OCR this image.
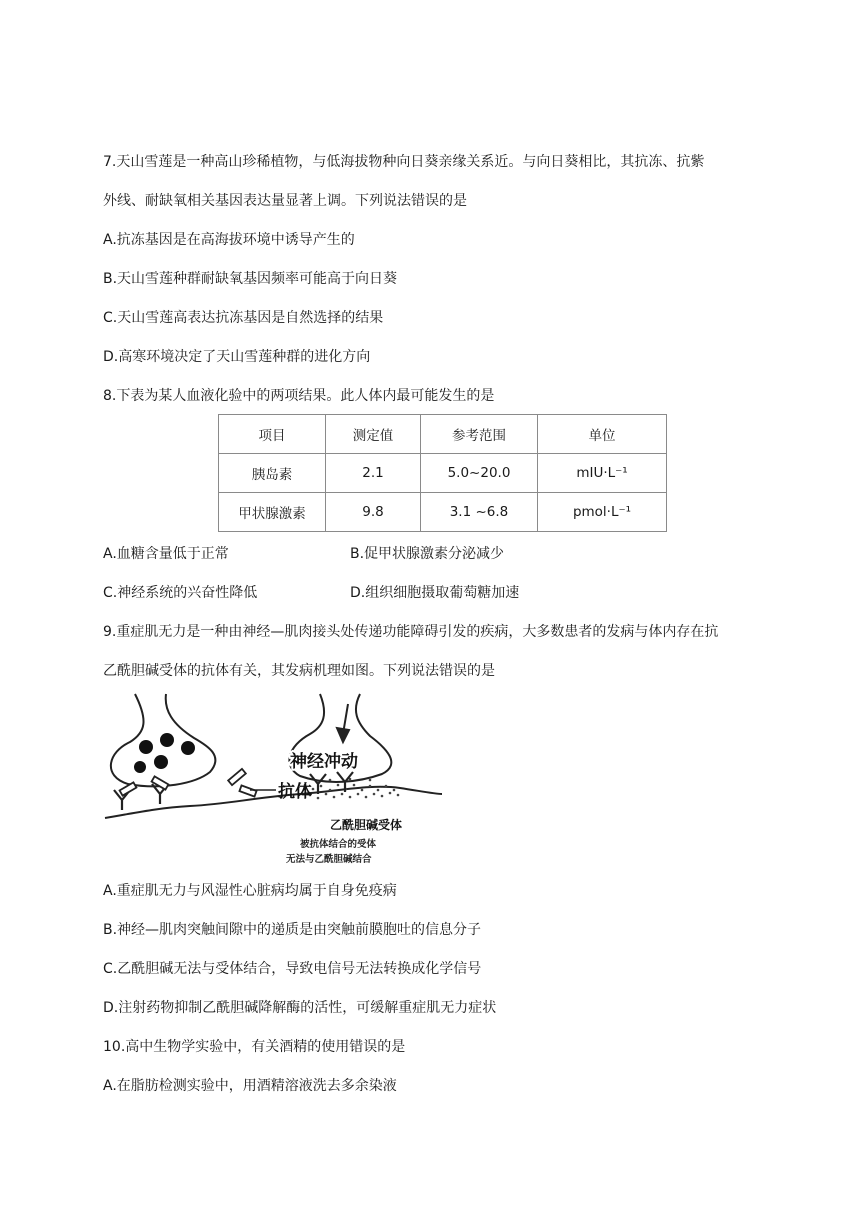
7.天山雪莲是一种高山珍稀植物，与低海拔物种向日葵亲缘关系近。与向日葵相比，其抗冻、抗紫
外线、耐缺氧相关基因表达量显著上调。下列说法错误的是
A.抗冻基因是在高海拔环境中诱导产生的
B.天山雪莲种群耐缺氧基因频率可能高于向日葵
C.天山雪莲高表达抗冻基因是自然选择的结果
D.高寒环境决定了天山雪莲种群的进化方向
8.下表为某人血液化验中的两项结果。此人体内最可能发生的是
项目	测定值	参考范围	单位
胰岛素	2.1	5.0~20.0	mIU·L⁻¹
甲状腺激素	9.8	3.1 ~6.8	pmol·L⁻¹
A.血糖含量低于正常	B.促甲状腺激素分泌减少
C.神经系统的兴奋性降低	D.组织细胞摄取葡萄糖加速
9.重症肌无力是一种由神经—肌肉接头处传递功能障碍引发的疾病，大多数患者的发病与体内存在抗
乙酰胆碱受体的抗体有关，其发病机理如图。下列说法错误的是
神经冲动
抗体
乙酰胆碱受体
被抗体结合的受体
无法与乙酰胆碱结合
A.重症肌无力与风湿性心脏病均属于自身免疫病
B.神经—肌肉突触间隙中的递质是由突触前膜胞吐的信息分子
C.乙酰胆碱无法与受体结合，导致电信号无法转换成化学信号
D.注射药物抑制乙酰胆碱降解酶的活性，可缓解重症肌无力症状
10.高中生物学实验中，有关酒精的使用错误的是
A.在脂肪检测实验中，用酒精溶液洗去多余染液
